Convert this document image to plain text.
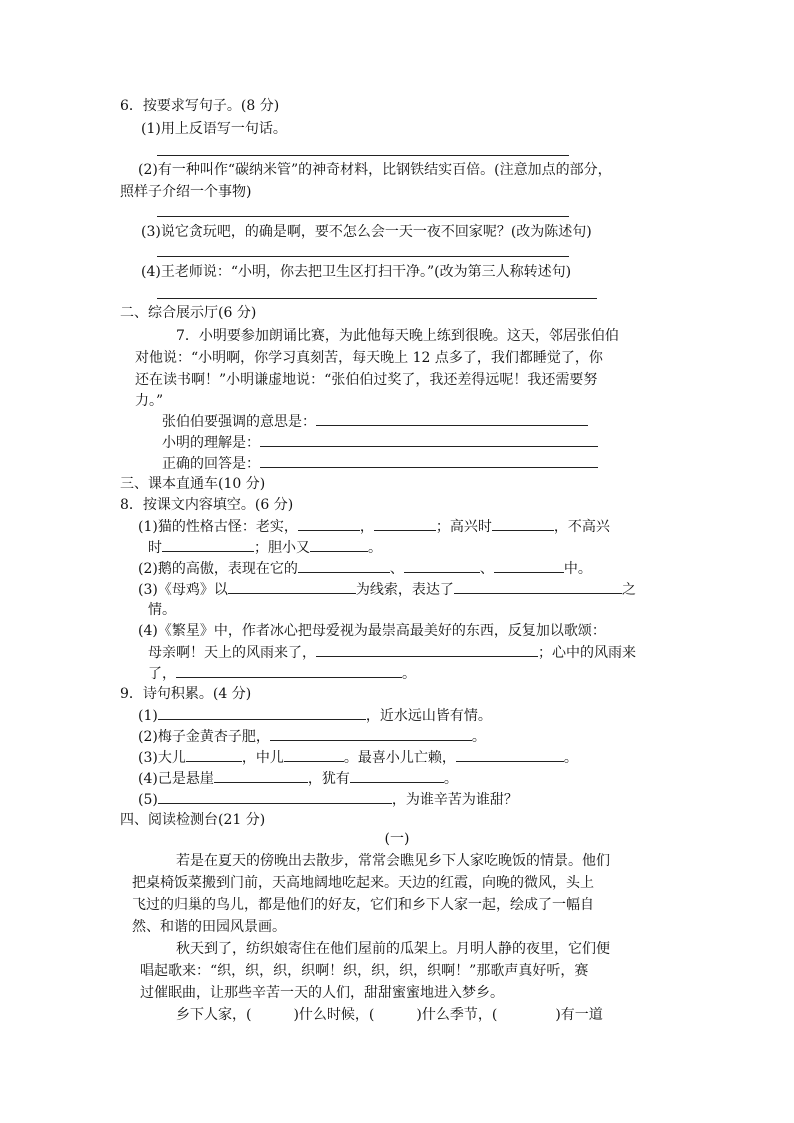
6．按要求写句子。(8 分)
(1)用上反语写一句话。
(2)有一种叫作“碳纳米管”的神奇材料，比钢铁结实百倍。(注意加点的部分，
照样子介绍一个事物)
(3)说它贪玩吧，的确是啊，要不怎么会一天一夜不回家呢？(改为陈述句)
(4)王老师说：“小明，你去把卫生区打扫干净。”(改为第三人称转述句)
二、综合展示厅(6 分)
7．小明要参加朗诵比赛，为此他每天晚上练到很晚。这天，邻居张伯伯
对他说：“小明啊，你学习真刻苦，每天晚上 12 点多了，我们都睡觉了，你
还在读书啊！”小明谦虚地说：“张伯伯过奖了，我还差得远呢！我还需要努
力。”
张伯伯要强调的意思是：
小明的理解是：
正确的回答是：
三、课本直通车(10 分)
8．按课文内容填空。(6 分)
(1)猫的性格古怪：老实，	，	；高兴时	，不高兴
时	；胆小又	。
(2)鹅的高傲，表现在它的	、	、	中。
(3)《母鸡》以	为线索，表达了	之
情。
(4)《繁星》中，作者冰心把母爱视为最崇高最美好的东西，反复加以歌颂：
母亲啊！天上的风雨来了，	；心中的风雨来
了，	。
9．诗句积累。(4 分)
(1)	，近水远山皆有情。
(2)梅子金黄杏子肥，	。
(3)大儿	，中儿	。最喜小儿亡赖，	。
(4)己是悬崖	，犹有	。
(5)	，为谁辛苦为谁甜？
四、阅读检测台(21 分)
(一)
若是在夏天的傍晚出去散步，常常会瞧见乡下人家吃晚饭的情景。他们
把桌椅饭菜搬到门前，天高地阔地吃起来。天边的红霞，向晚的微风，头上
飞过的归巢的鸟儿，都是他们的好友，它们和乡下人家一起，绘成了一幅自
然、和谐的田园风景画。
秋天到了，纺织娘寄住在他们屋前的瓜架上。月明人静的夜里，它们便
唱起歌来：“织，织，织，织啊！织，织，织，织啊！”那歌声真好听，赛
过催眠曲，让那些辛苦一天的人们，甜甜蜜蜜地进入梦乡。
乡下人家，(	)什么时候，(	)什么季节，(	)有一道
